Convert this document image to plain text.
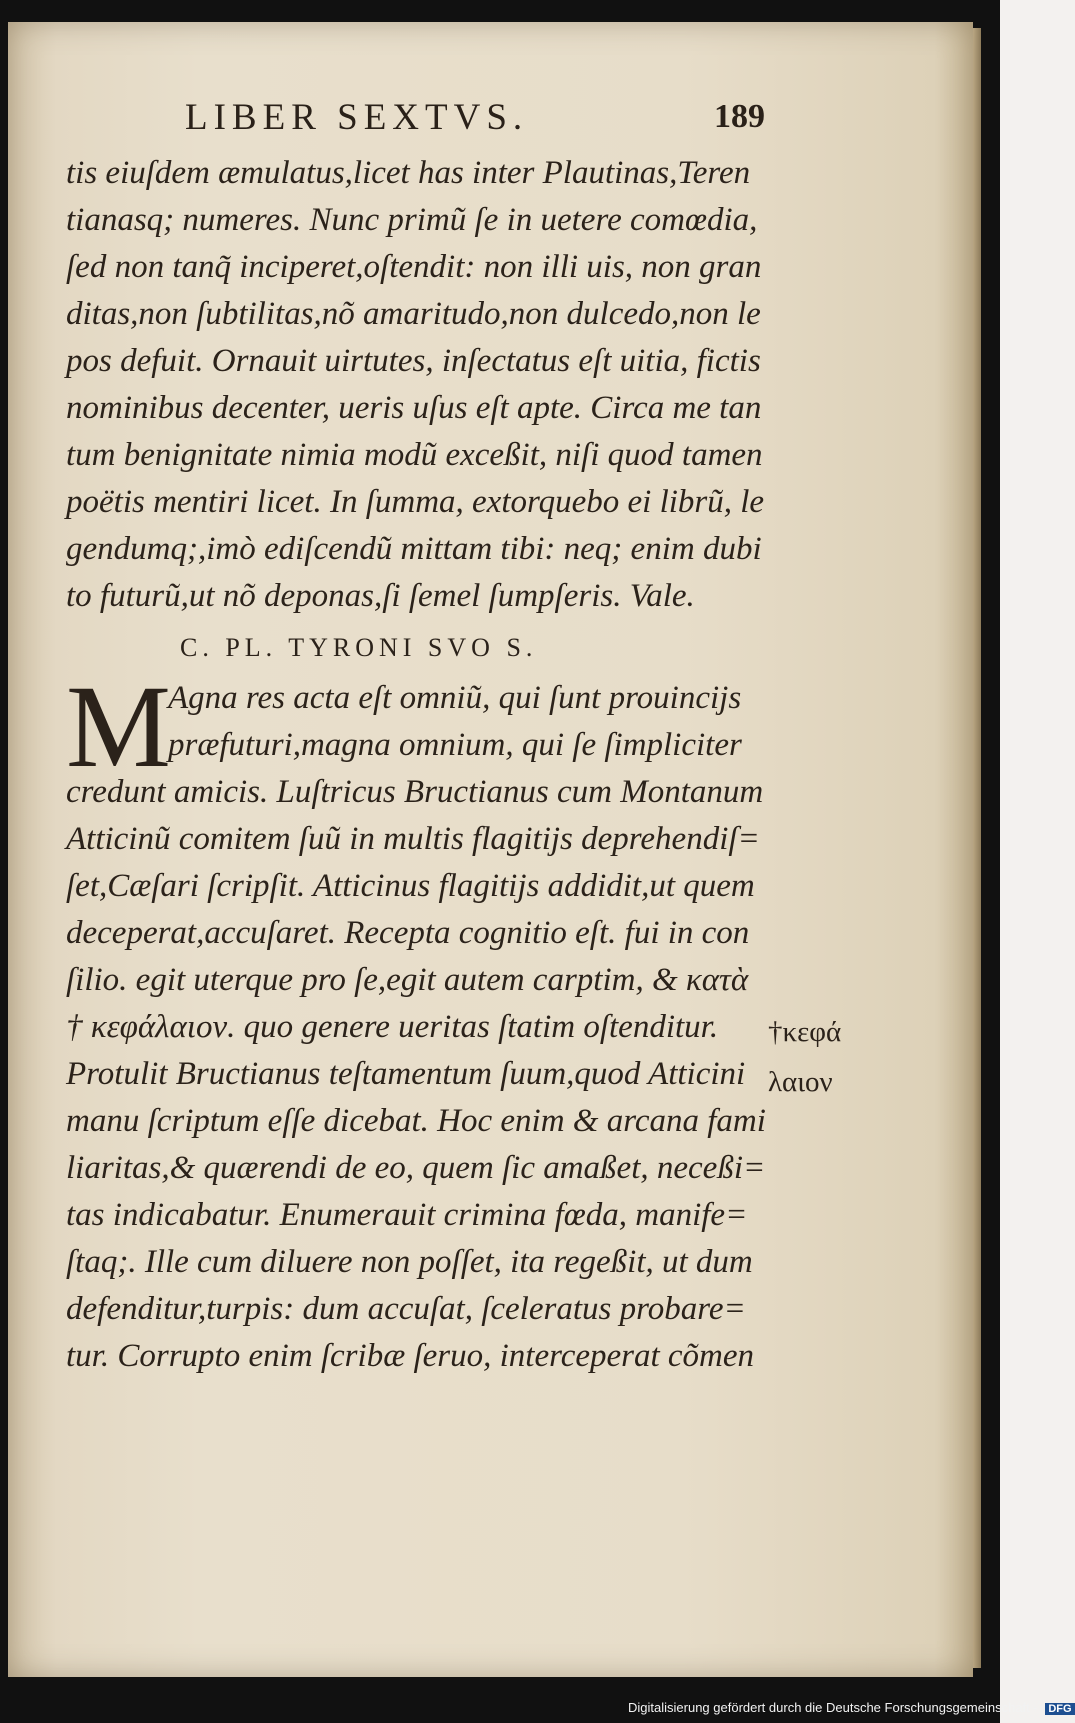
LIBER SEXTVS.	189
tis eiuſdem æmulatus,licet has inter Plautinas,Teren
tianasq; numeres. Nunc primũ ſe in uetere comœdia,
ſed non tanq̃ inciperet,oſtendit: non illi uis, non gran
ditas,non ſubtilitas,nõ amaritudo,non dulcedo,non le
pos defuit. Ornauit uirtutes, inſectatus eſt uitia, fictis
nominibus decenter, ueris uſus eſt apte. Circa me tan
tum benignitate nimia modũ exceßit, niſi quod tamen
poëtis mentiri licet. In ſumma, extorquebo ei librũ, le
gendumq;,imò ediſcendũ mittam tibi: neq; enim dubi
to futurũ,ut nõ deponas,ſi ſemel ſumpſeris. Vale.
C. PL. TYRONI SVO S.
M
Agna res acta eſt omniũ, qui ſunt prouincijs
præfuturi,magna omnium, qui ſe ſimpliciter
credunt amicis. Luſtricus Bructianus cum Montanum
Atticinũ comitem ſuũ in multis flagitijs deprehendiſ=
ſet,Cæſari ſcripſit. Atticinus flagitijs addidit,ut quem
deceperat,accuſaret. Recepta cognitio eſt. fui in con
ſilio. egit uterque pro ſe,egit autem carptim, & κατὰ
† κεφάλαιον. quo genere ueritas ſtatim oſtenditur.
Protulit Bructianus teſtamentum ſuum,quod Atticini
manu ſcriptum eſſe dicebat. Hoc enim & arcana fami
liaritas,& quærendi de eo, quem ſic amaßet, neceßi=
tas indicabatur. Enumerauit crimina fœda, manife=
ſtaq;. Ille cum diluere non poſſet, ita regeßit, ut dum
defenditur,turpis: dum accuſat, ſceleratus probare=
tur. Corrupto enim ſcribæ ſeruo, interceperat cõmen
†κεφά
λαιον
Digitalisierung gefördert durch die Deutsche Forschungsgemeinschaft - DFG
